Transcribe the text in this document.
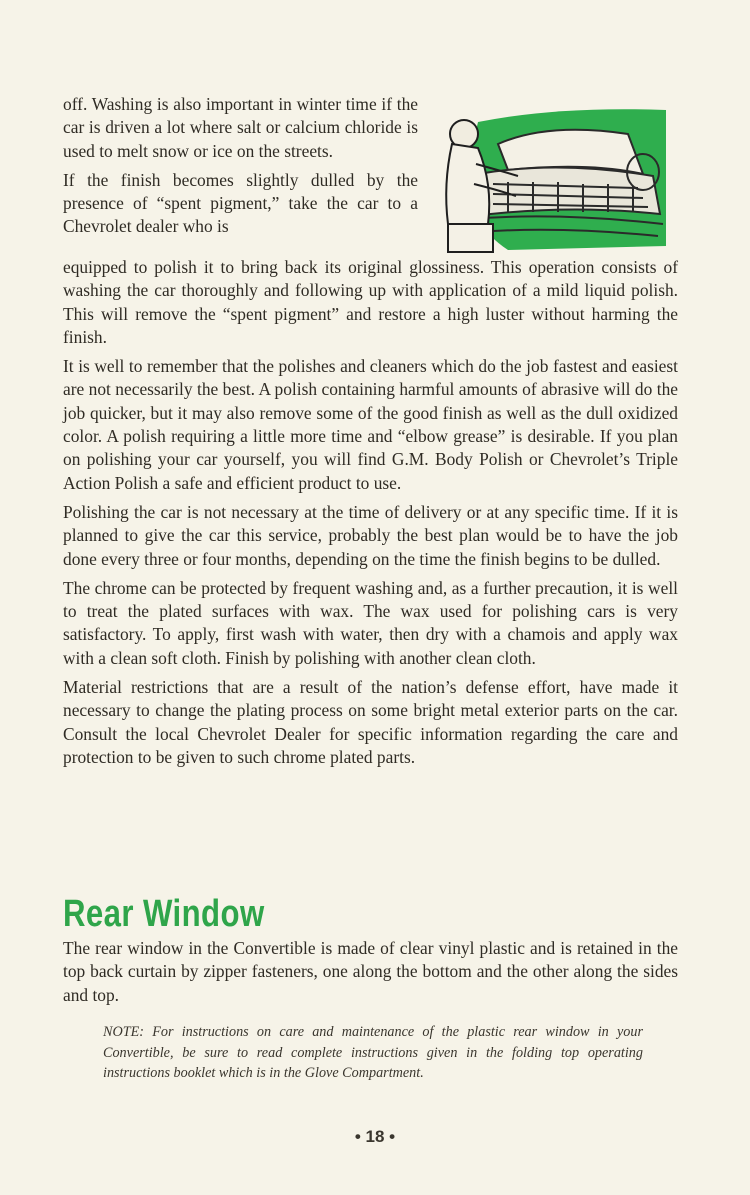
off. Washing is also important in winter time if the car is driven a lot where salt or calcium chloride is used to melt snow or ice on the streets.

If the finish becomes slightly dulled by the presence of “spent pigment,” take the car to a Chevrolet dealer who is

equipped to polish it to bring back its original glossiness. This operation consists of washing the car thoroughly and following up with application of a mild liquid polish. This will remove the “spent pigment” and restore a high luster without harming the finish.

It is well to remember that the polishes and cleaners which do the job fastest and easiest are not necessarily the best. A polish containing harmful amounts of abrasive will do the job quicker, but it may also remove some of the good finish as well as the dull oxidized color. A polish requiring a little more time and “elbow grease” is desirable. If you plan on polishing your car yourself, you will find G.M. Body Polish or Chevrolet’s Triple Action Polish a safe and efficient product to use.

Polishing the car is not necessary at the time of delivery or at any specific time. If it is planned to give the car this service, probably the best plan would be to have the job done every three or four months, depending on the time the finish begins to be dulled.

The chrome can be protected by frequent washing and, as a further precaution, it is well to treat the plated surfaces with wax. The wax used for polishing cars is very satisfactory. To apply, first wash with water, then dry with a chamois and apply wax with a clean soft cloth. Finish by polishing with another clean cloth.

Material restrictions that are a result of the nation’s defense effort, have made it necessary to change the plating process on some bright metal exterior parts on the car. Consult the local Chevrolet Dealer for specific information regarding the care and protection to be given to such chrome plated parts.

Rear Window

The rear window in the Convertible is made of clear vinyl plastic and is retained in the top back curtain by zipper fasteners, one along the bottom and the other along the sides and top.

NOTE: For instructions on care and maintenance of the plastic rear window in your Convertible, be sure to read complete instructions given in the folding top operating instructions booklet which is in the Glove Compartment.
• 18 •
